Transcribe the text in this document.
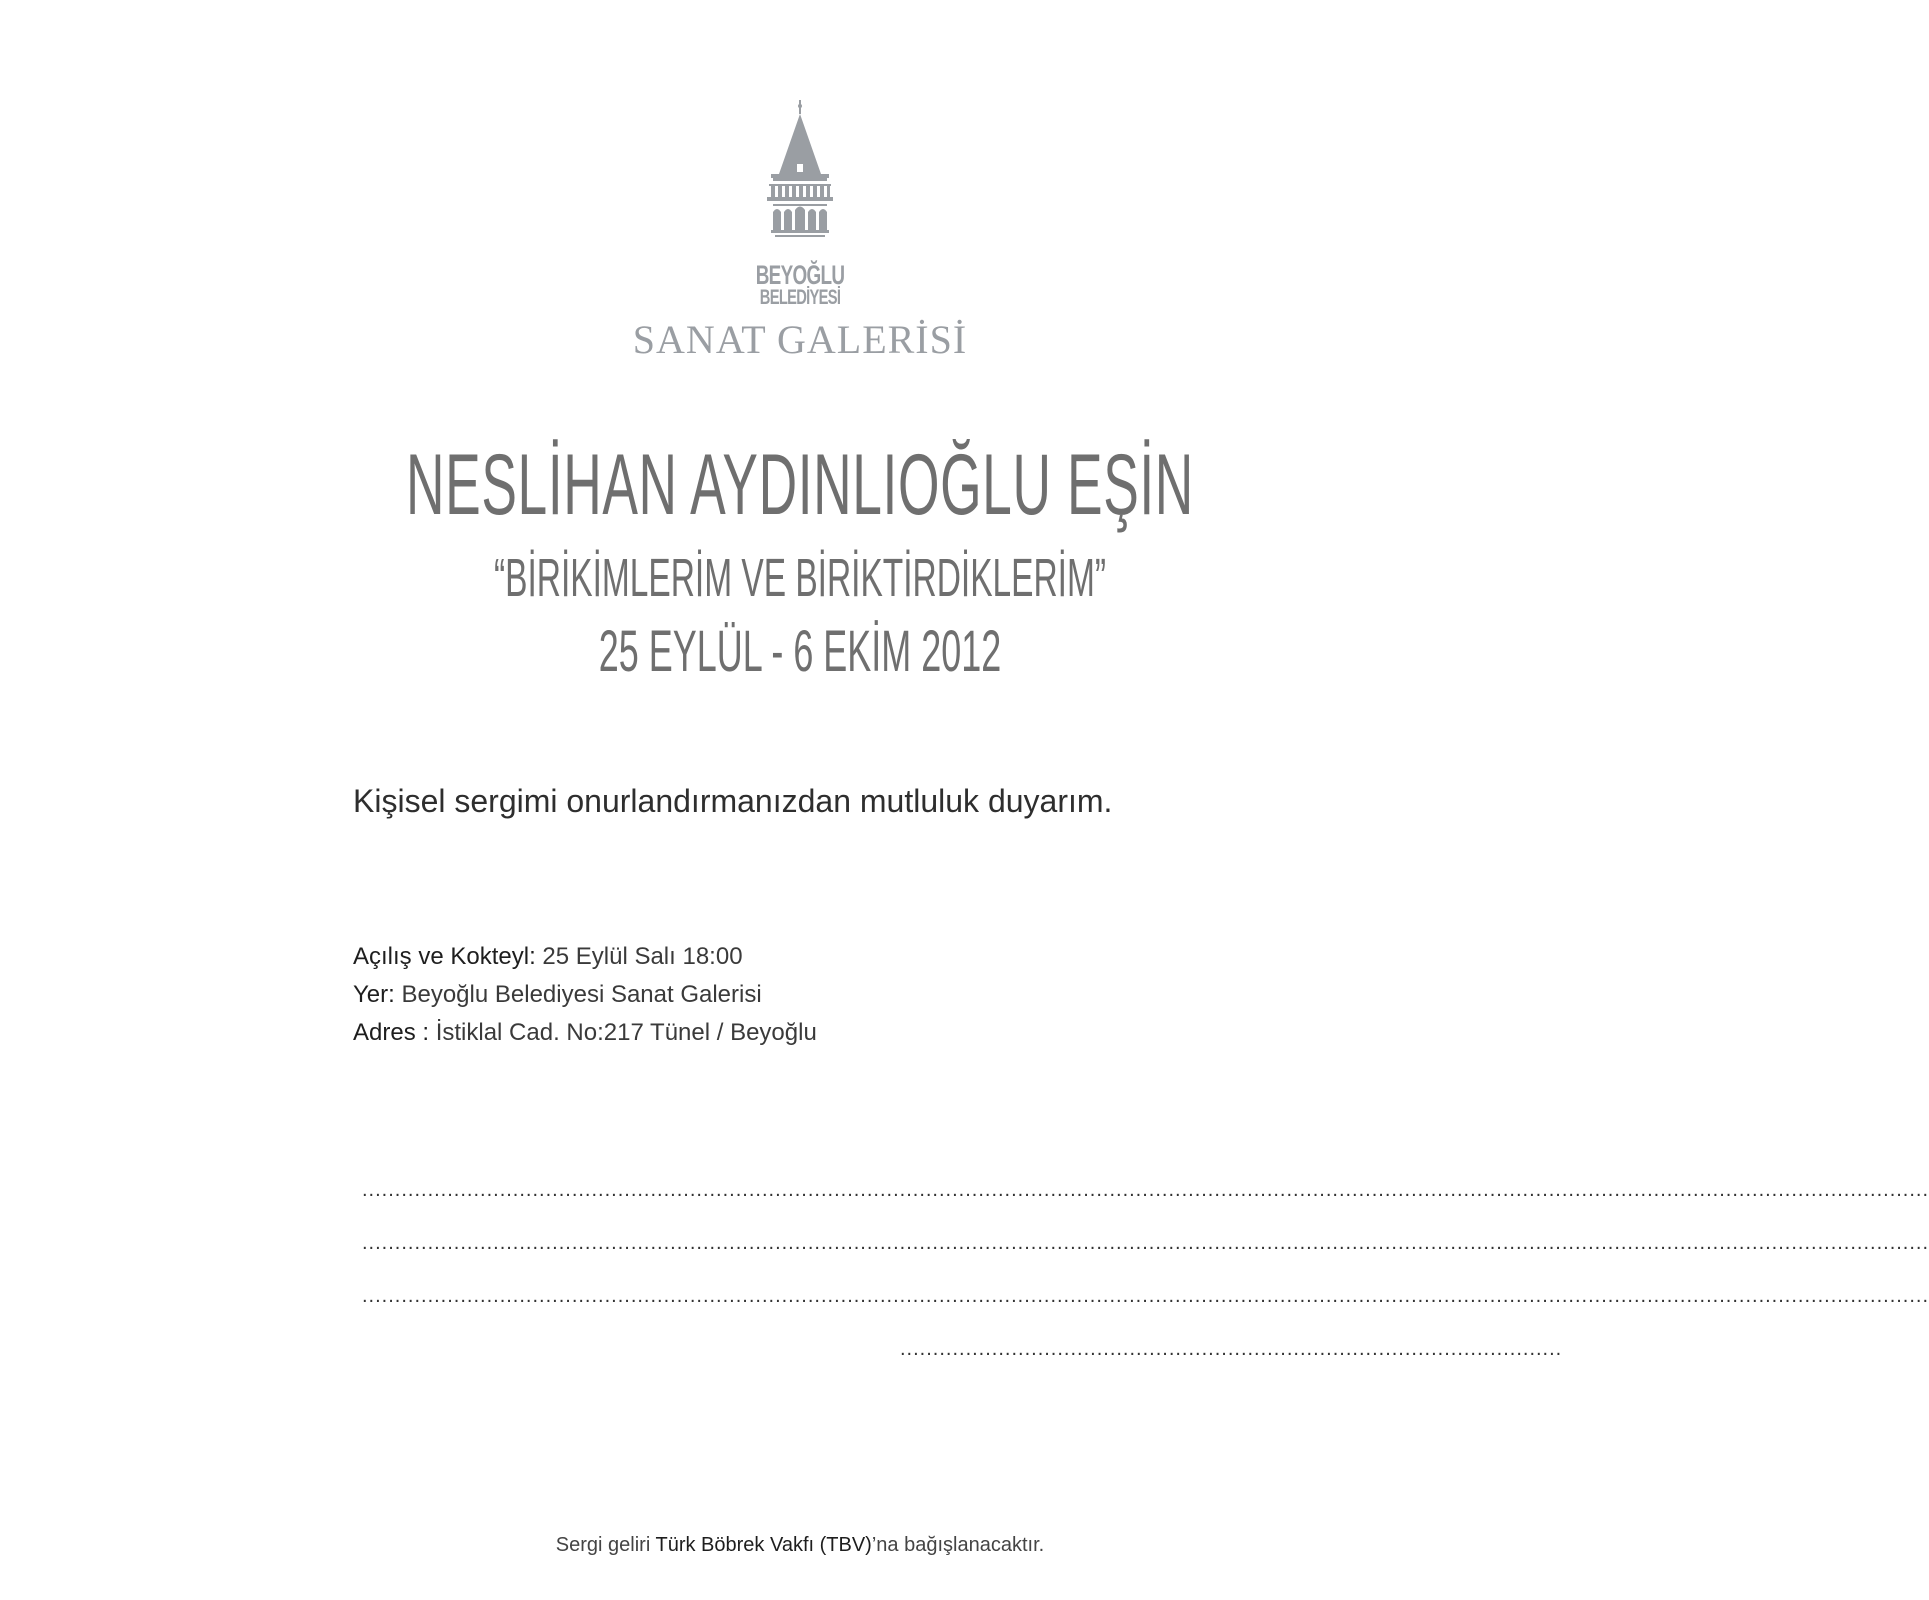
BEYOĞLU
BELEDİYESİ
SANAT GALERİSİ
NESLİHAN AYDINLIOĞLU EŞİN
“BİRİKİMLERİM VE BİRİKTİRDİKLERİM”
25 EYLÜL - 6 EKİM 2012
Kişisel sergimi onurlandırmanızdan mutluluk duyarım.
Açılış ve Kokteyl: 25 Eylül Salı 18:00
Yer: Beyoğlu Belediyesi Sanat Galerisi
Adres : İstiklal Cad. No:217 Tünel / Beyoğlu
...............................................................................................................................................................................................................................................
...............................................................................................................................................................................................................................................
...............................................................................................................................................................................................................................................
.....................................................................................................
Sergi geliri Türk Böbrek Vakfı (TBV)’na bağışlanacaktır.
